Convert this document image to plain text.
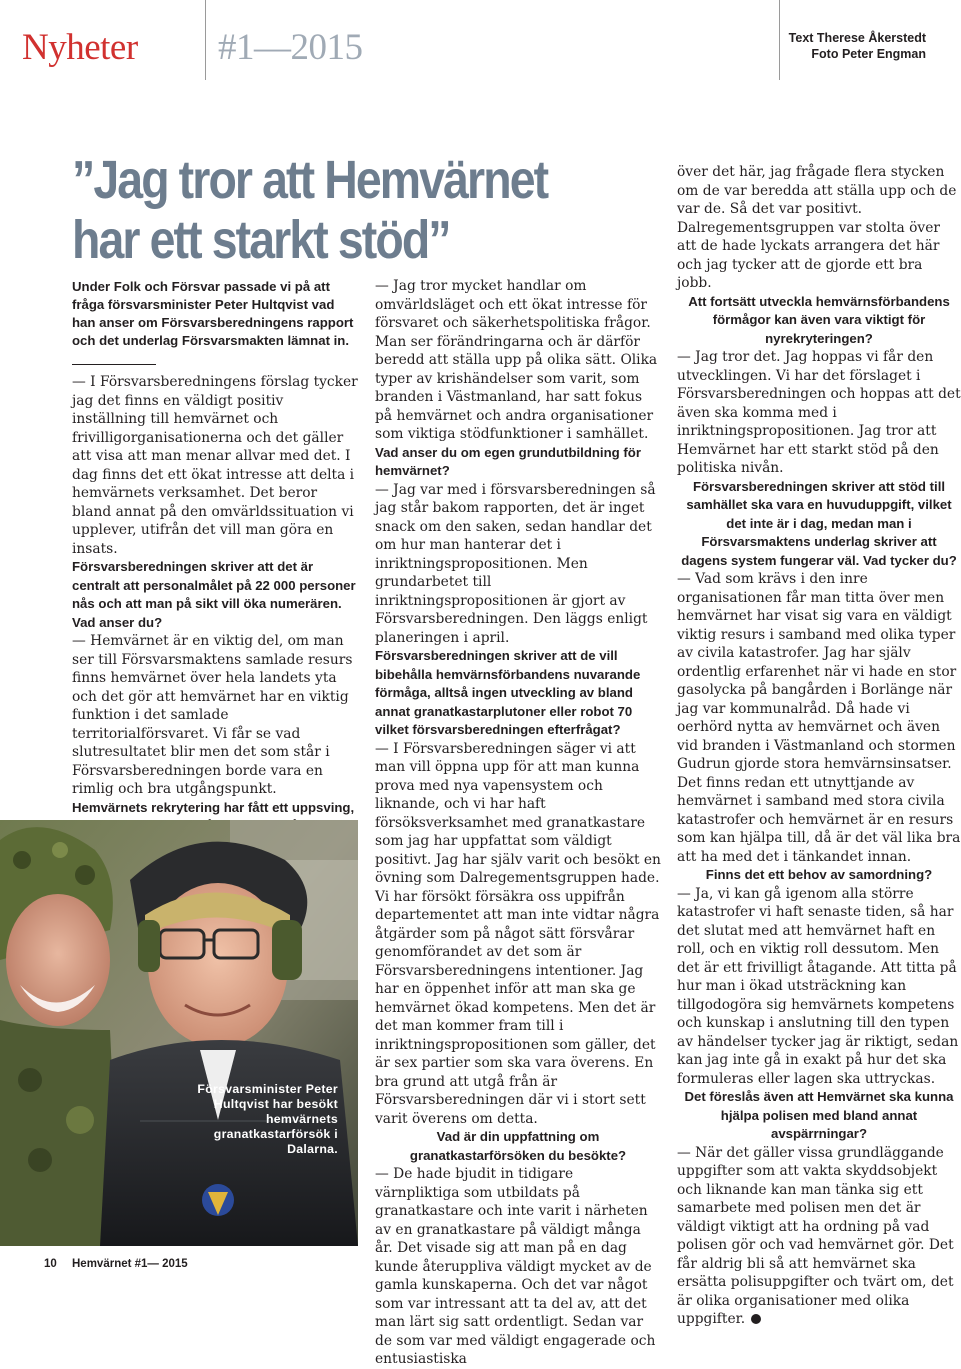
Nyheter #1—2015	Text Therese Åkerstedt
Foto Peter Engman
”Jag tror att Hemvärnet
har ett starkt stöd”

Under Folk och Försvar passade vi på att fråga försvarsminister Peter Hultqvist vad han anser om Försvarsberedningens rapport och det underlag Försvarsmakten lämnat in.

— I Försvarsberedningens förslag tycker jag det finns en väldigt positiv inställning till hemvärnet och frivilligorganisationerna och det gäller att visa att man menar allvar med det. I dag finns det ett ökat intresse att delta i hemvärnets verksamhet. Det beror bland annat på den omvärldssituation vi upplever, utifrån det vill man göra en insats.

Försvarsberedningen skriver att det är centralt att personalmålet på 22 000 personer nås och att man på sikt vill öka numerären. Vad anser du?

— Hemvärnet är en viktig del, om man ser till Försvarsmaktens samlade resurs finns hemvärnet över hela landets yta och det gör att hemvärnet har en viktig funktion i det samlade territorialförsvaret. Vi får se vad slutresultatet blir men det som står i Försvarsberedningen borde vara en rimlig och bra utgångspunkt.

Hemvärnets rekrytering har fått ett uppsving,

Försvarsminister Peter Hultqvist har besökt hemvärnets granatkastarförsök i Dalarna.

— Jag tror mycket handlar om omvärldsläget och ett ökat intresse för försvaret och säkerhetspolitiska frågor. Man ser förändringarna och är därför beredd att ställa upp på olika sätt. Olika typer av krishändelser som varit, som branden i Västmanland, har satt fokus på hemvärnet och andra organisationer som viktiga stödfunktioner i samhället.

Vad anser du om egen grundutbildning för hemvärnet?

— Jag var med i försvarsberedningen så jag står bakom rapporten, det är inget snack om den saken, sedan handlar det om hur man hanterar det i inriktningspropositionen. Men grundarbetet till inriktningspropositionen är gjort av Försvarsberedningen. Den läggs enligt planeringen i april.

Försvarsberedningen skriver att de vill bibehålla hemvärnsförbandens nuvarande förmåga, alltså ingen utveckling av bland annat granatkastarplutoner eller robot 70 vilket försvarsberedningen efterfrågat?

— I Försvarsberedningen säger vi att man vill öppna upp för att man kunna prova med nya vapensystem och liknande, och vi har haft försöksverksamhet med granatkastare som jag har uppfattat som väldigt positivt. Jag har själv varit och besökt en övning som Dalregementsgruppen hade. Vi har försökt försäkra oss uppifrån departementet att man inte vidtar några åtgärder som på något sätt försvårar genomförandet av det som är Försvarsberedningens intentioner. Jag har en öppenhet inför att man ska ge hemvärnet ökad kompetens. Men det är det man kommer fram till i inriktningspropositionen som gäller, det är sex partier som ska vara överens. En bra grund att utgå från är Försvarsberedningen där vi i stort sett varit överens om detta.

Vad är din uppfattning om granatkastarförsöken du besökte?

— De hade bjudit in tidigare värnpliktiga som utbildats på granatkastare och inte varit i närheten av en granatkastare på väldigt många år. Det visade sig att man på en dag kunde återuppliva väldigt mycket av de gamla kunskaperna. Och det var något som var intressant att ta del av, att det man lärt sig satt ordentligt. Sedan var de som var med väldigt engagerade och entusiastiska

över det här, jag frågade flera stycken om de var beredda att ställa upp och de var de. Så det var positivt. Dalregementsgruppen var stolta över att de hade lyckats arrangera det här och jag tycker att de gjorde ett bra jobb.

Att fortsätt utveckla hemvärnsförbandens förmågor kan även vara viktigt för nyrekryteringen?

— Jag tror det. Jag hoppas vi får den utvecklingen. Vi har det förslaget i Försvarsberedningen och hoppas att det även ska komma med i inriktningspropositionen. Jag tror att Hemvärnet har ett starkt stöd på den politiska nivån.

Försvarsberedningen skriver att stöd till samhället ska vara en huvuduppgift, vilket det inte är i dag, medan man i Försvarsmaktens underlag skriver att dagens system fungerar väl. Vad tycker du?

— Vad som krävs i den inre organisationen får man titta över men hemvärnet har visat sig vara en väldigt viktig resurs i samband med olika typer av civila katastrofer. Jag har själv ordentlig erfarenhet när vi hade en stor gasolycka på bangården i Borlänge när jag var kommunalråd. Då hade vi oerhörd nytta av hemvärnet och även vid branden i Västmanland och stormen Gudrun gjorde stora hemvärnsinsatser. Det finns redan ett utnyttjande av hemvärnet i samband med stora civila katastrofer och hemvärnet är en resurs som kan hjälpa till, då är det väl lika bra att ha med det i tänkandet innan.

Finns det ett behov av samordning?

— Ja, vi kan gå igenom alla större katastrofer vi haft senaste tiden, så har det slutat med att hemvärnet haft en roll, och en viktig roll dessutom. Men det är ett frivilligt åtagande. Att titta på hur man i ökad utsträckning kan tillgodogöra sig hemvärnets kompetens och kunskap i anslutning till den typen av händelser tycker jag är riktigt, sedan kan jag inte gå in exakt på hur det ska formuleras eller lagen ska uttryckas.

Det föreslås även att Hemvärnet ska kunna hjälpa polisen med bland annat avspärrningar?

— När det gäller vissa grundläggande uppgifter som att vakta skyddsobjekt och liknande kan man tänka sig ett samarbete med polisen men det är väldigt viktigt att ha ordning på vad polisen gör och vad hemvärnet gör. Det får aldrig bli så att hemvärnet ska ersätta polisuppgifter och tvärt om, det är olika organisationer med olika uppgifter.

10 Hemvärnet #1— 2015
